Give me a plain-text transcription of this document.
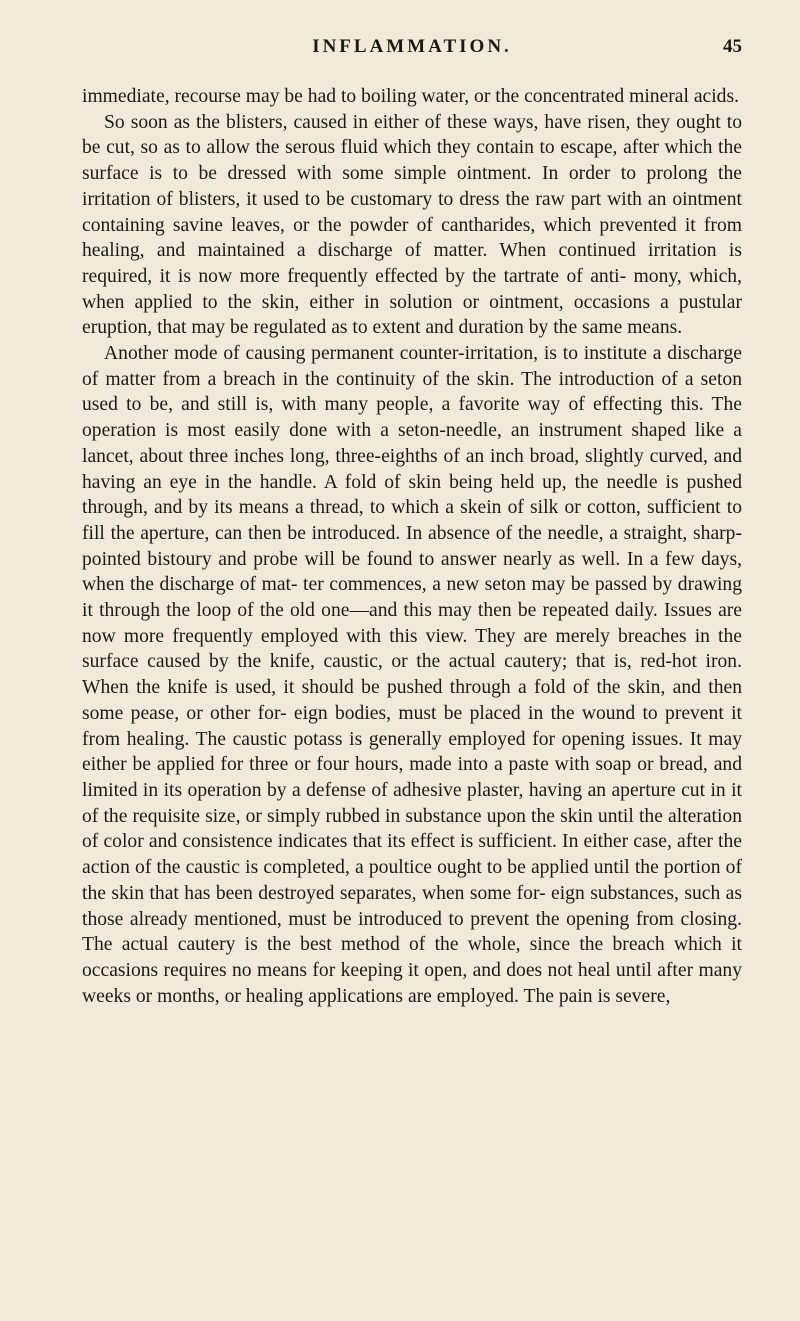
INFLAMMATION.	45

immediate, recourse may be had to boiling water, or the concentrated mineral acids.

So soon as the blisters, caused in either of these ways, have risen, they ought to be cut, so as to allow the serous fluid which they contain to escape, after which the surface is to be dressed with some simple ointment. In order to prolong the irritation of blisters, it used to be customary to dress the raw part with an ointment containing savine leaves, or the powder of cantharides, which prevented it from healing, and maintained a discharge of matter. When continued irritation is required, it is now more frequently effected by the tartrate of anti- mony, which, when applied to the skin, either in solution or ointment, occasions a pustular eruption, that may be regulated as to extent and duration by the same means.

Another mode of causing permanent counter-irritation, is to institute a discharge of matter from a breach in the continuity of the skin. The introduction of a seton used to be, and still is, with many people, a favorite way of effecting this. The operation is most easily done with a seton-needle, an instrument shaped like a lancet, about three inches long, three-eighths of an inch broad, slightly curved, and having an eye in the handle. A fold of skin being held up, the needle is pushed through, and by its means a thread, to which a skein of silk or cotton, sufficient to fill the aperture, can then be introduced. In absence of the needle, a straight, sharp-pointed bistoury and probe will be found to answer nearly as well. In a few days, when the discharge of mat- ter commences, a new seton may be passed by drawing it through the loop of the old one—and this may then be repeated daily. Issues are now more frequently employed with this view. They are merely breaches in the surface caused by the knife, caustic, or the actual cautery; that is, red-hot iron. When the knife is used, it should be pushed through a fold of the skin, and then some pease, or other for- eign bodies, must be placed in the wound to prevent it from healing. The caustic potass is generally employed for opening issues. It may either be applied for three or four hours, made into a paste with soap or bread, and limited in its operation by a defense of adhesive plaster, having an aperture cut in it of the requisite size, or simply rubbed in substance upon the skin until the alteration of color and consistence indicates that its effect is sufficient. In either case, after the action of the caustic is completed, a poultice ought to be applied until the portion of the skin that has been destroyed separates, when some for- eign substances, such as those already mentioned, must be introduced to prevent the opening from closing. The actual cautery is the best method of the whole, since the breach which it occasions requires no means for keeping it open, and does not heal until after many weeks or months, or healing applications are employed. The pain is severe,
